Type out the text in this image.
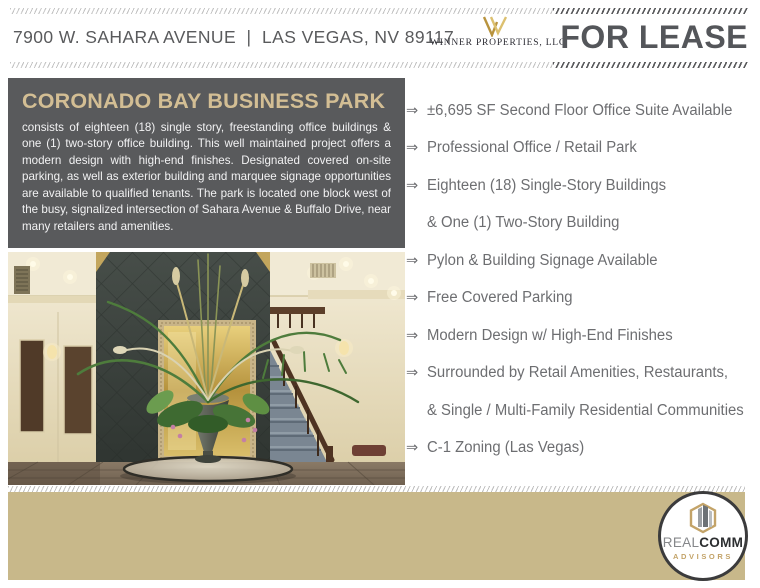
7900 W. SAHARA AVENUE  |  LAS VEGAS, NV 89117
WINNER PROPERTIES, LLC
FOR LEASE
CORONADO BAY BUSINESS PARK
consists of eighteen (18) single story, freestanding office buildings & one (1) two-story office building. This well maintained project offers a modern design with high-end finishes. Designated covered on-site parking, as well as exterior building and marquee signage opportunities are available to qualified tenants. The park is located one block west of the busy, signalized intersection of Sahara Avenue & Buffalo Drive, near many retailers and amenities.
⇒ ±6,695 SF Second Floor Office Suite Available
⇒ Professional Office / Retail Park
⇒ Eighteen (18) Single-Story Buildings
& One (1) Two-Story Building
⇒ Pylon & Building Signage Available
⇒ Free Covered Parking
⇒ Modern Design w/ High-End Finishes
⇒ Surrounded by Retail Amenities, Restaurants,
& Single / Multi-Family Residential Communities
⇒ C-1 Zoning (Las Vegas)
REALCOMM
ADVISORS
